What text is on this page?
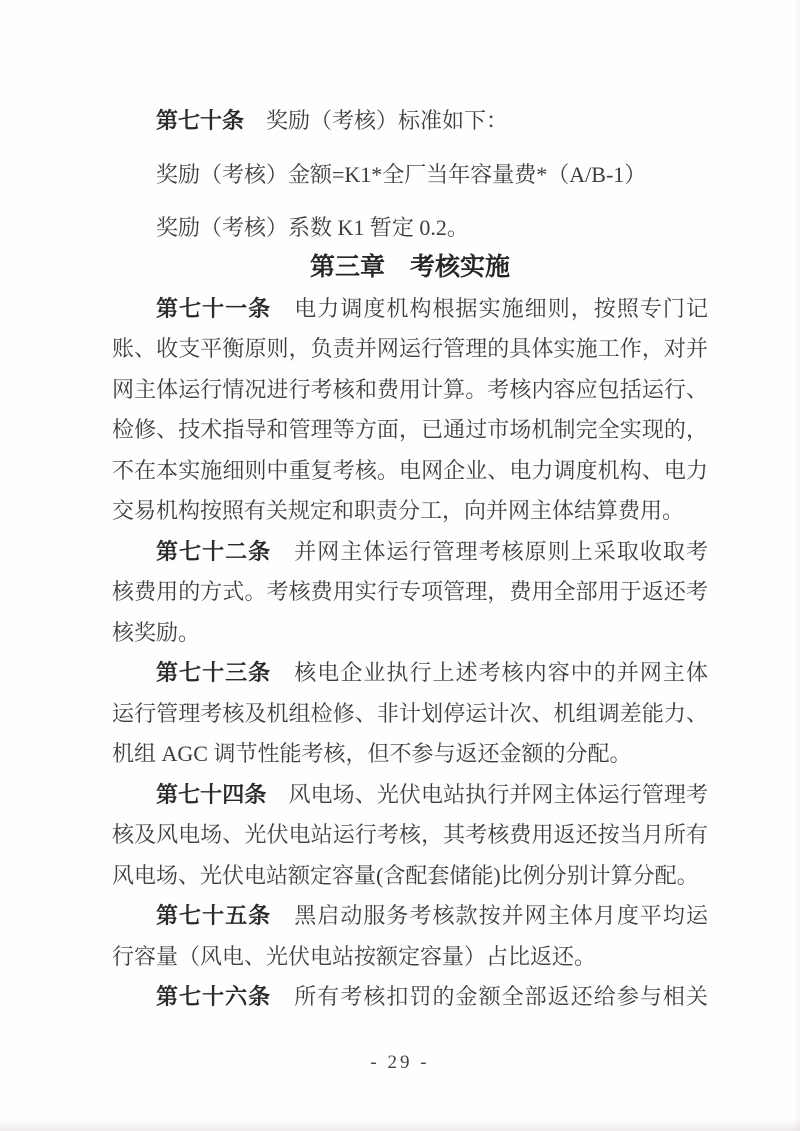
第七十条　奖励（考核）标准如下：
奖励（考核）金额=K1*全厂当年容量费*（A/B-1）
奖励（考核）系数 K1 暂定 0.2。
第三章　考核实施
第七十一条　电力调度机构根据实施细则，按照专门记
账、收支平衡原则，负责并网运行管理的具体实施工作，对并
网主体运行情况进行考核和费用计算。考核内容应包括运行、
检修、技术指导和管理等方面，已通过市场机制完全实现的，
不在本实施细则中重复考核。电网企业、电力调度机构、电力
交易机构按照有关规定和职责分工，向并网主体结算费用。
第七十二条　并网主体运行管理考核原则上采取收取考
核费用的方式。考核费用实行专项管理，费用全部用于返还考
核奖励。
第七十三条　核电企业执行上述考核内容中的并网主体
运行管理考核及机组检修、非计划停运计次、机组调差能力、
机组 AGC 调节性能考核，但不参与返还金额的分配。
第七十四条　风电场、光伏电站执行并网主体运行管理考
核及风电场、光伏电站运行考核，其考核费用返还按当月所有
风电场、光伏电站额定容量(含配套储能)比例分别计算分配。
第七十五条　黑启动服务考核款按并网主体月度平均运
行容量（风电、光伏电站按额定容量）占比返还。
第七十六条　所有考核扣罚的金额全部返还给参与相关
- 29 -
